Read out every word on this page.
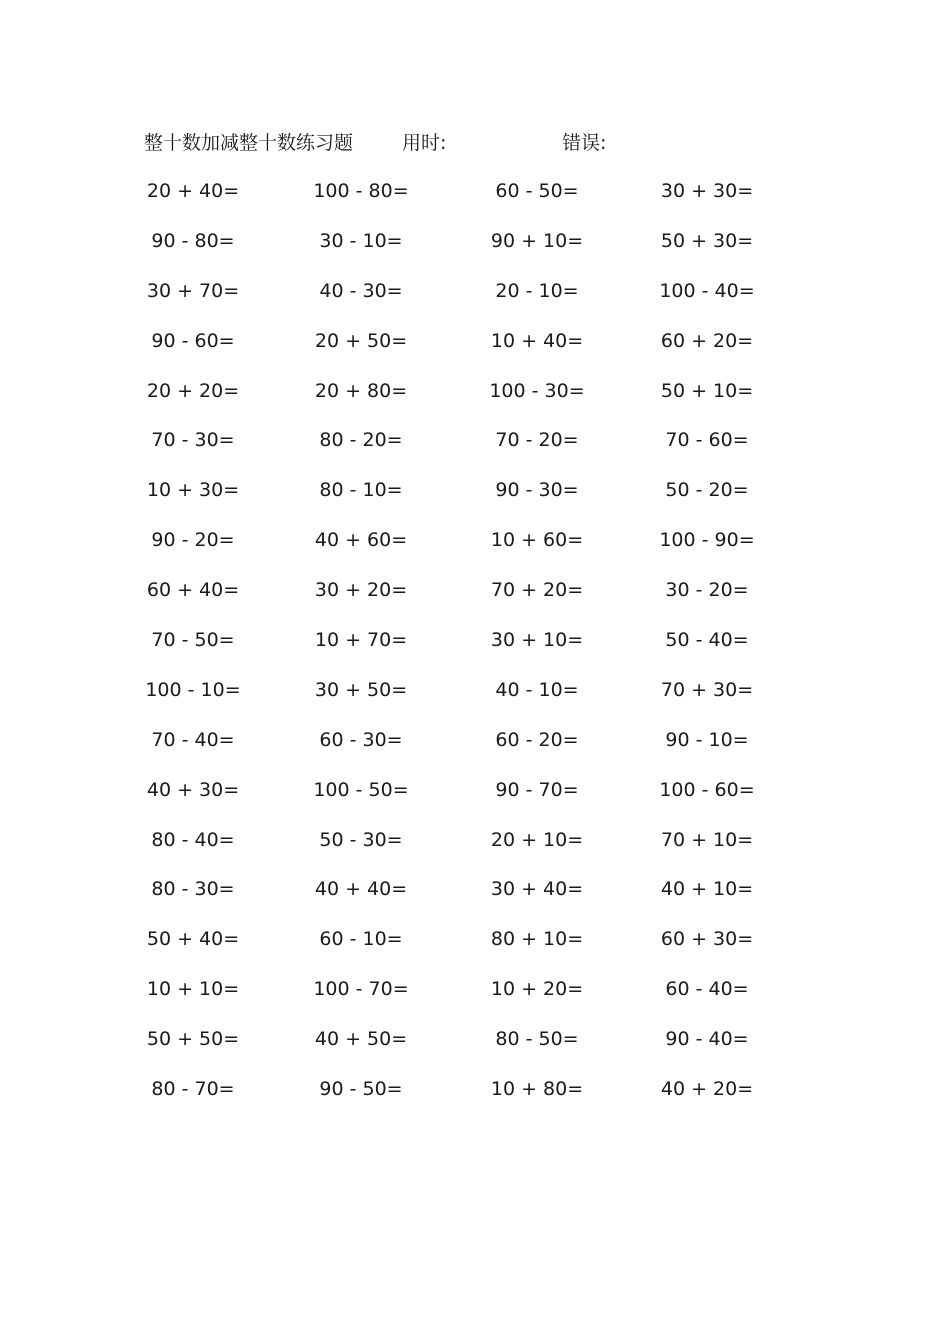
整十数加减整十数练习题	用时:	错误:
20 + 40=	100 - 80=	60 - 50=	30 + 30=
90 - 80=	30 - 10=	90 + 10=	50 + 30=
30 + 70=	40 - 30=	20 - 10=	100 - 40=
90 - 60=	20 + 50=	10 + 40=	60 + 20=
20 + 20=	20 + 80=	100 - 30=	50 + 10=
70 - 30=	80 - 20=	70 - 20=	70 - 60=
10 + 30=	80 - 10=	90 - 30=	50 - 20=
90 - 20=	40 + 60=	10 + 60=	100 - 90=
60 + 40=	30 + 20=	70 + 20=	30 - 20=
70 - 50=	10 + 70=	30 + 10=	50 - 40=
100 - 10=	30 + 50=	40 - 10=	70 + 30=
70 - 40=	60 - 30=	60 - 20=	90 - 10=
40 + 30=	100 - 50=	90 - 70=	100 - 60=
80 - 40=	50 - 30=	20 + 10=	70 + 10=
80 - 30=	40 + 40=	30 + 40=	40 + 10=
50 + 40=	60 - 10=	80 + 10=	60 + 30=
10 + 10=	100 - 70=	10 + 20=	60 - 40=
50 + 50=	40 + 50=	80 - 50=	90 - 40=
80 - 70=	90 - 50=	10 + 80=	40 + 20=
